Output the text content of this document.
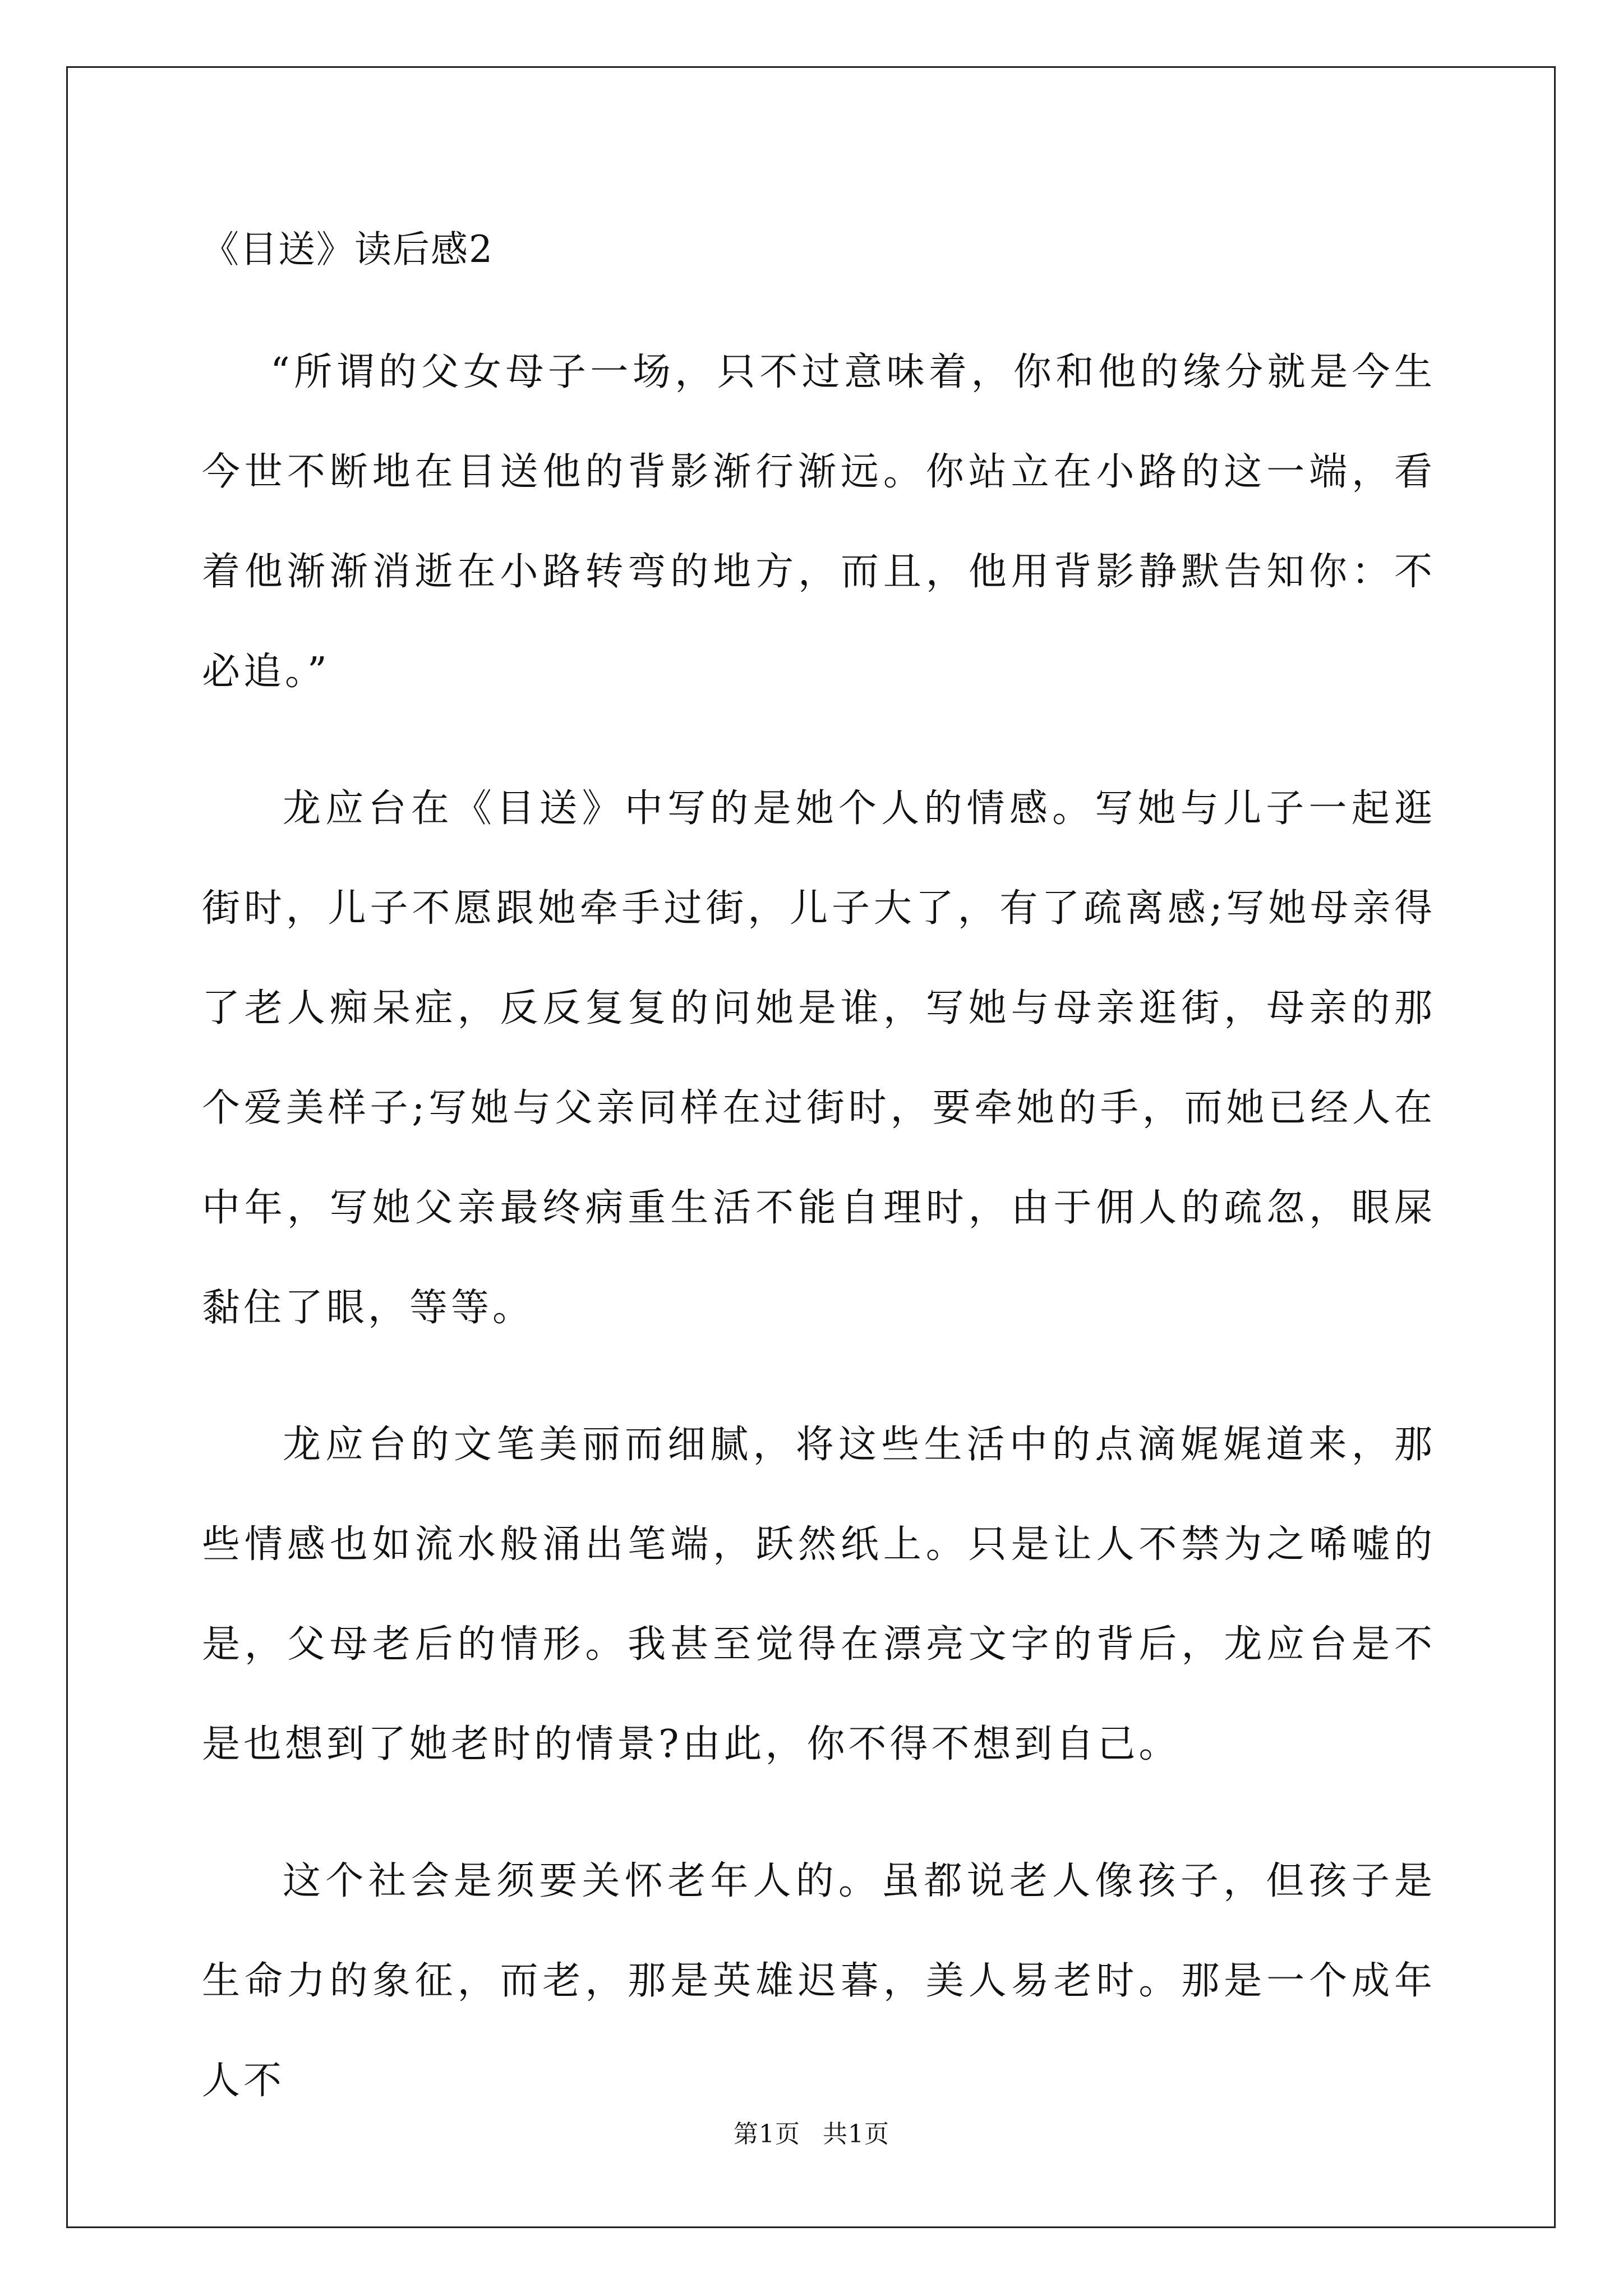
《目送》读后感2

“所谓的父女母子一场，只不过意味着，你和他的缘分就是今生今世不断地在目送他的背影渐行渐远。你站立在小路的这一端，看着他渐渐消逝在小路转弯的地方，而且，他用背影静默告知你：不必追。”

龙应台在《目送》中写的是她个人的情感。写她与儿子一起逛街时，儿子不愿跟她牵手过街，儿子大了，有了疏离感;写她母亲得了老人痴呆症，反反复复的问她是谁，写她与母亲逛街，母亲的那个爱美样子;写她与父亲同样在过街时，要牵她的手，而她已经人在中年，写她父亲最终病重生活不能自理时，由于佣人的疏忽，眼屎黏住了眼，等等。

龙应台的文笔美丽而细腻，将这些生活中的点滴娓娓道来，那些情感也如流水般涌出笔端，跃然纸上。只是让人不禁为之唏嘘的是，父母老后的情形。我甚至觉得在漂亮文字的背后，龙应台是不是也想到了她老时的情景?由此，你不得不想到自己。

这个社会是须要关怀老年人的。虽都说老人像孩子，但孩子是生命力的象征，而老，那是英雄迟暮，美人易老时。那是一个成年人不

第1页 共1页
